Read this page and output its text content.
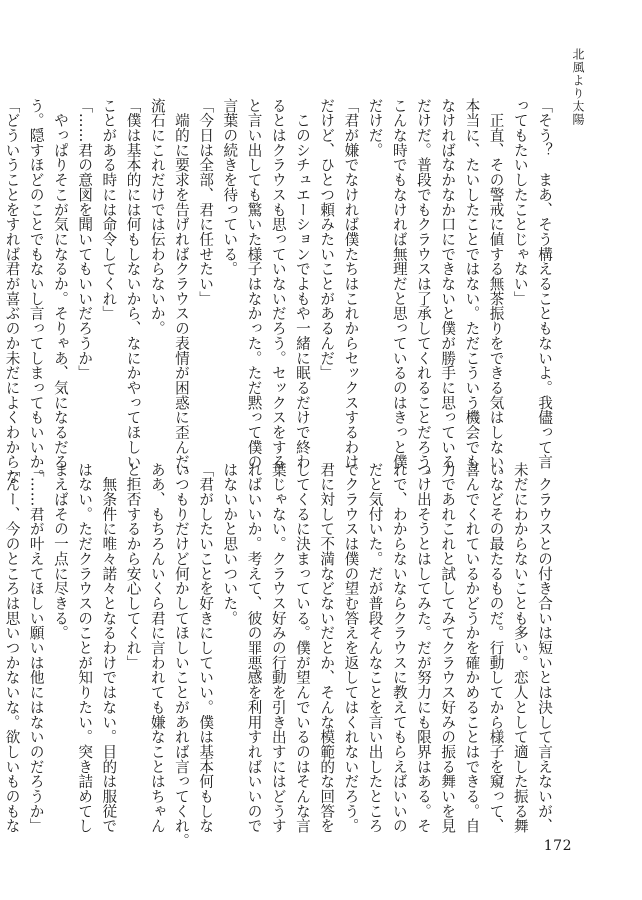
北風より太陽
「そう？　まあ、そう構えることもないよ。我儘って言
ってもたいしたことじゃない」
　正直、その警戒に値する無茶振りをできる気はしない。
本当に、たいしたことではない。ただこういう機会でも
なければなかなか口にできないと僕が勝手に思っている
だけだ。普段でもクラウスは了承してくれることだろう。
こんな時でもなければ無理だと思っているのはきっと僕
だけだ。
「君が嫌でなければ僕たちはこれからセックスするわけ
だけど、ひとつ頼みたいことがあるんだ」
　このシチュエーションでよもや一緒に眠るだけで終わ
るとはクラウスも思っていないだろう。セックスをする
と言い出しても驚いた様子はなかった。ただ黙って僕の
言葉の続きを待っている。
「今日は全部、君に任せたい」
　端的に要求を告げればクラウスの表情が困惑に歪んだ。
流石にこれだけでは伝わらないか。
「僕は基本的には何もしないから、なにかやってほしい
ことがある時には命令してくれ」
「……君の意図を聞いてもいいだろうか」
　やっぱりそこが気になるか。そりゃあ、気になるだろ
う。隠すほどのことでもないし言ってしまってもいいか。
「どういうことをすれば君が喜ぶのか未だによくわからな
　クラウスとの付き合いは短いとは決して言えないが、
未だにわからないことも多い。恋人として適した振る舞
いなどその最たるものだ。行動してから様子を窺って、
喜んでくれているかどうかを確かめることはできる。自
力であれこれと試してみてクラウス好みの振る舞いを見
つけ出そうとはしてみた。だが努力にも限界はある。そ
れで、わからないならクラウスに教えてもらえばいいの
だと気付いた。だが普段そんなことを言い出したところ
でクラウスは僕の望む答えを返してはくれないだろう。
君に対して不満などないだとか、そんな模範的な回答を
してくるに決まっている。僕が望んでいるのはそんな言
葉じゃない。クラウス好みの行動を引き出すにはどうす
ればいいか。考えて、彼の罪悪感を利用すればいいので
はないかと思いついた。
「君がしたいことを好きにしていい。僕は基本何もしな
いつもりだけど何かしてほしいことがあれば言ってくれ。
ああ、もちろんいくら君に言われても嫌なことはちゃん
と拒否するから安心してくれ」
　無条件に唯々諾々となるわけではない。目的は服従で
はない。ただクラウスのことが知りたい。突き詰めてし
まえばその一点に尽きる。
「……君が叶えてほしい願いは他にはないのだろうか」
「んー、今のところは思いつかないな。欲しいものもな
172
